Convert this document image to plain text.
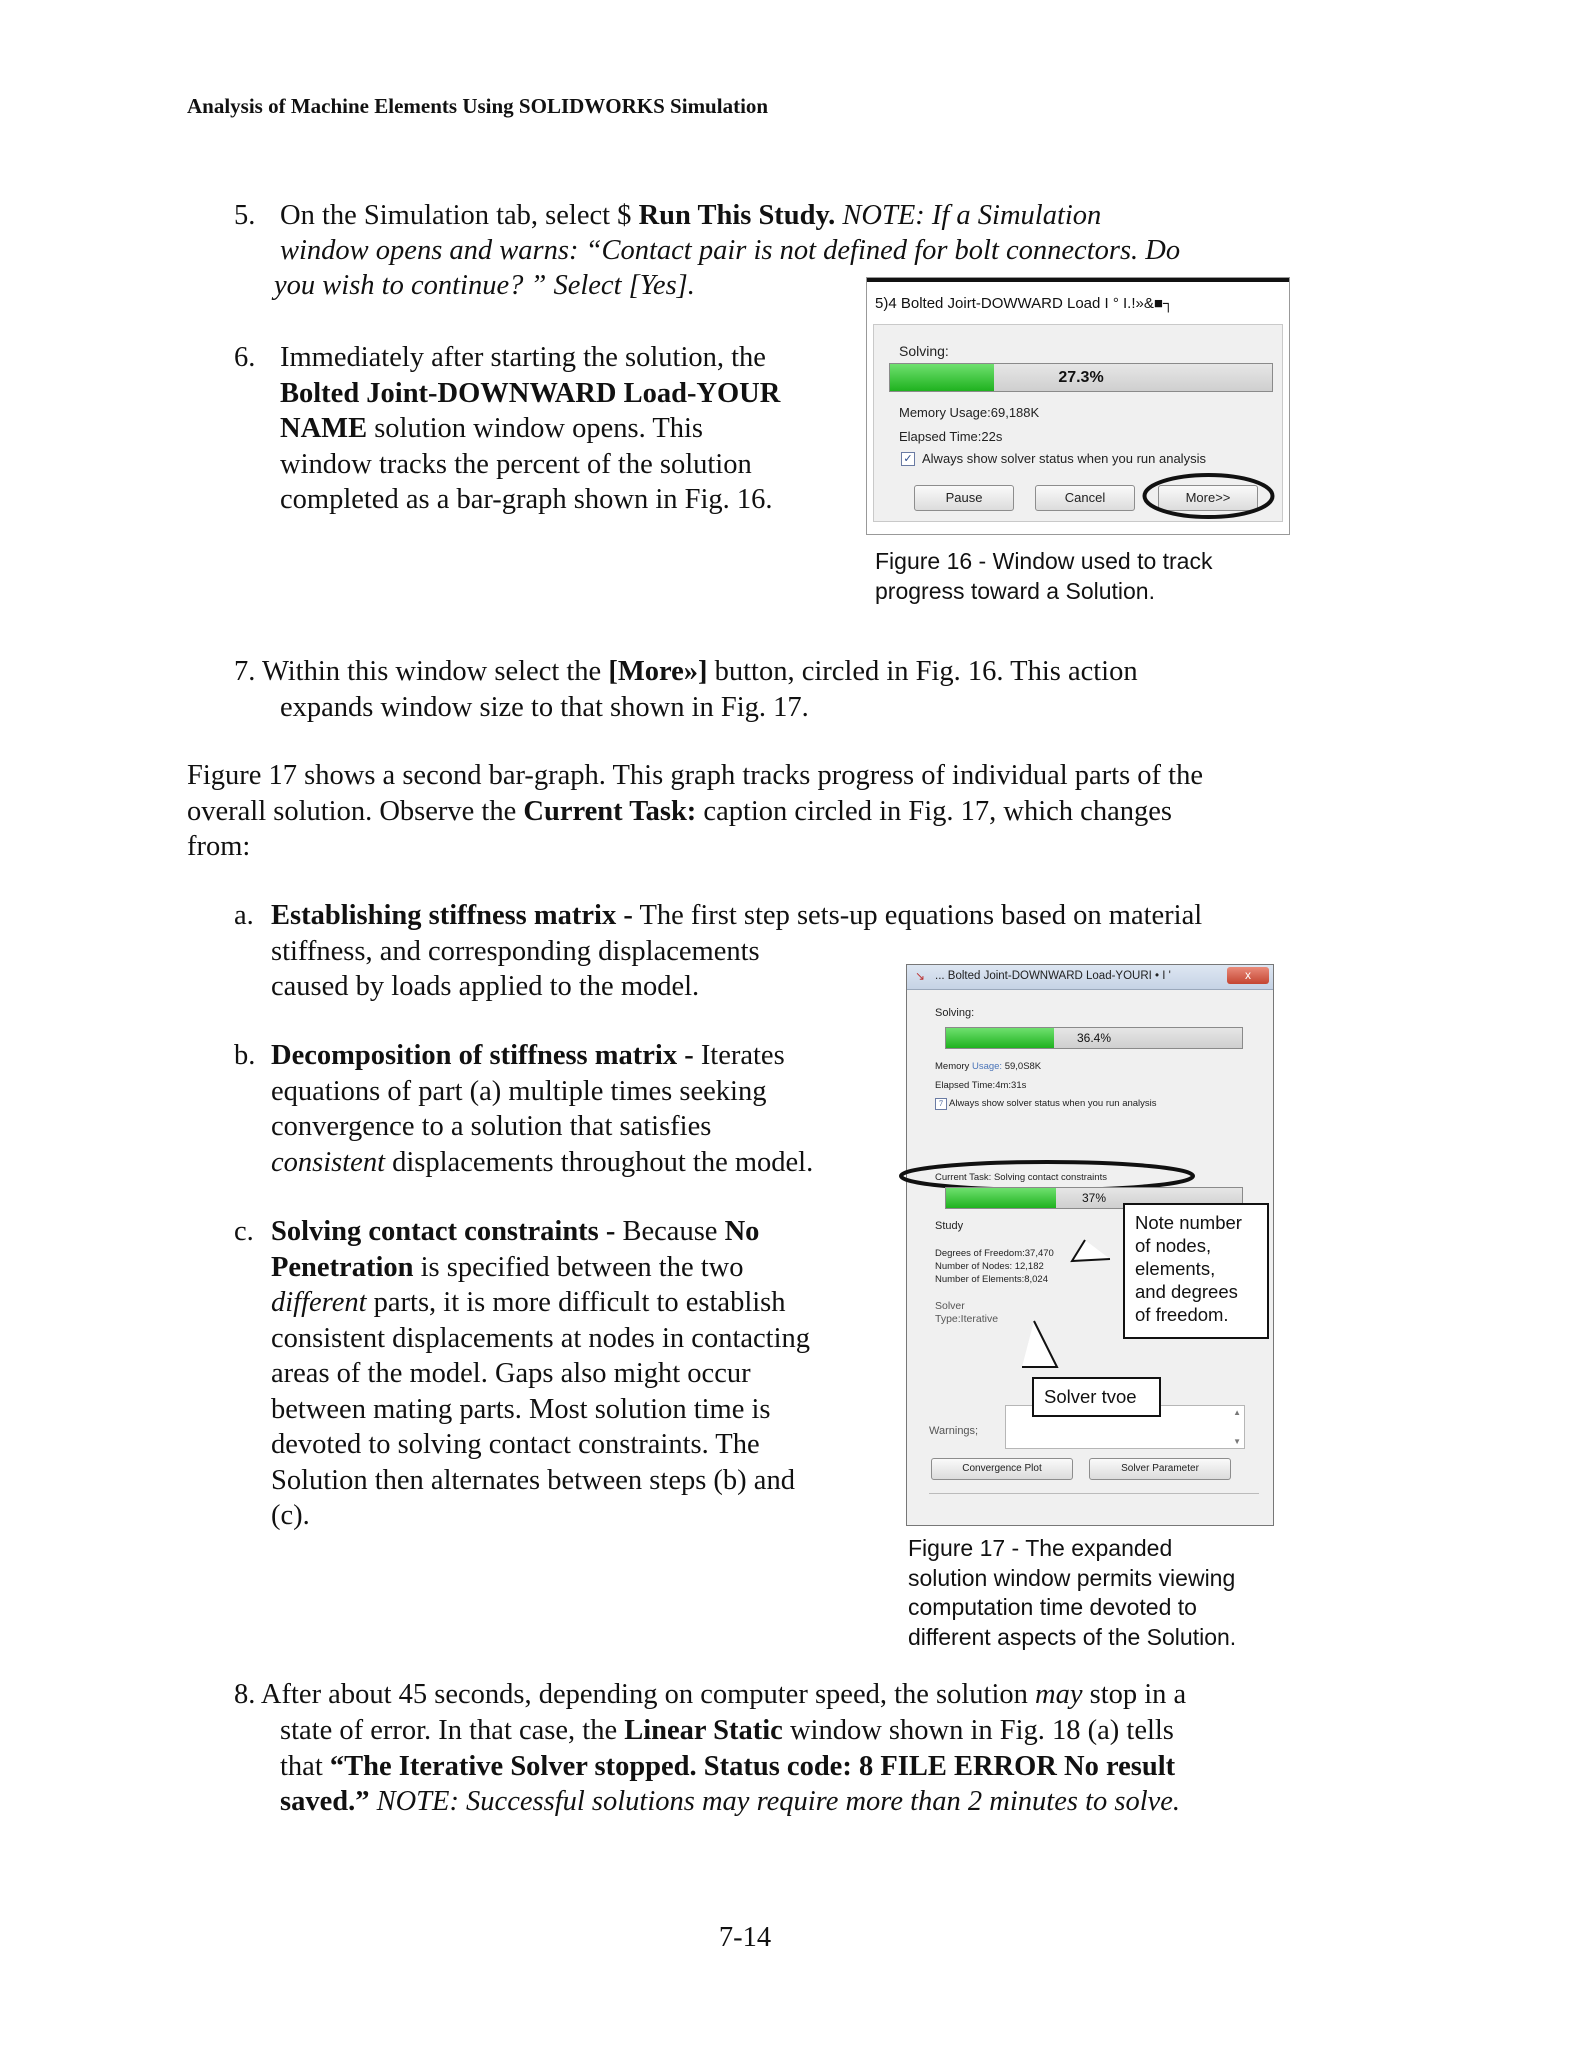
Analysis of Machine Elements Using SOLIDWORKS Simulation
5. On the Simulation tab, select $ Run This Study. NOTE: If a Simulation
window opens and warns: “Contact pair is not defined for bolt connectors. Do
you wish to continue? ” Select [Yes].
6. Immediately after starting the solution, the
Bolted Joint-DOWNWARD Load-YOUR
NAME solution window opens. This
window tracks the percent of the solution
completed as a bar-graph shown in Fig. 16.
5)4 Bolted Joirt-DOWWARD Load I ° I.!»&■┐
Solving:
27.3%
Memory Usage:69,188K
Elapsed Time:22s
✓ Always show solver status when you run analysis
Pause	Cancel	More>>
Figure 16 - Window used to track
progress toward a Solution.
7. Within this window select the [More»] button, circled in Fig. 16. This action
expands window size to that shown in Fig. 17.
Figure 17 shows a second bar-graph. This graph tracks progress of individual parts of the
overall solution. Observe the Current Task: caption circled in Fig. 17, which changes
from:
a. Establishing stiffness matrix - The first step sets-up equations based on material
stiffness, and corresponding displacements
caused by loads applied to the model.
b. Decomposition of stiffness matrix - Iterates
equations of part (a) multiple times seeking
convergence to a solution that satisfies
consistent displacements throughout the model.
c. Solving contact constraints - Because No
Penetration is specified between the two
different parts, it is more difficult to establish
consistent displacements at nodes in contacting
areas of the model. Gaps also might occur
between mating parts. Most solution time is
devoted to solving contact constraints. The
Solution then alternates between steps (b) and
(c).
↘ ... Bolted Joint-DOWNWARD Load-YOURI • I '	x
Solving:
36.4%
Memory Usage: 59,0S8K
Elapsed Time:4m:31s
7 Always show solver status when you run analysis
Current Task: Solving contact constraints
37%
Study
Degrees of Freedom:37,470
Number of Nodes: 12,182
Number of Elements:8,024
Solver
Type:Iterative
Warnings;
▲
▼
Convergence Plot	Solver Parameter
Note number
of nodes,
elements,
and degrees
of freedom.
Solver tvoe
Figure 17 - The expanded
solution window permits viewing
computation time devoted to
different aspects of the Solution.
8. After about 45 seconds, depending on computer speed, the solution may stop in a
state of error. In that case, the Linear Static window shown in Fig. 18 (a) tells
that “The Iterative Solver stopped. Status code: 8 FILE ERROR No result
saved.” NOTE: Successful solutions may require more than 2 minutes to solve.
7-14
